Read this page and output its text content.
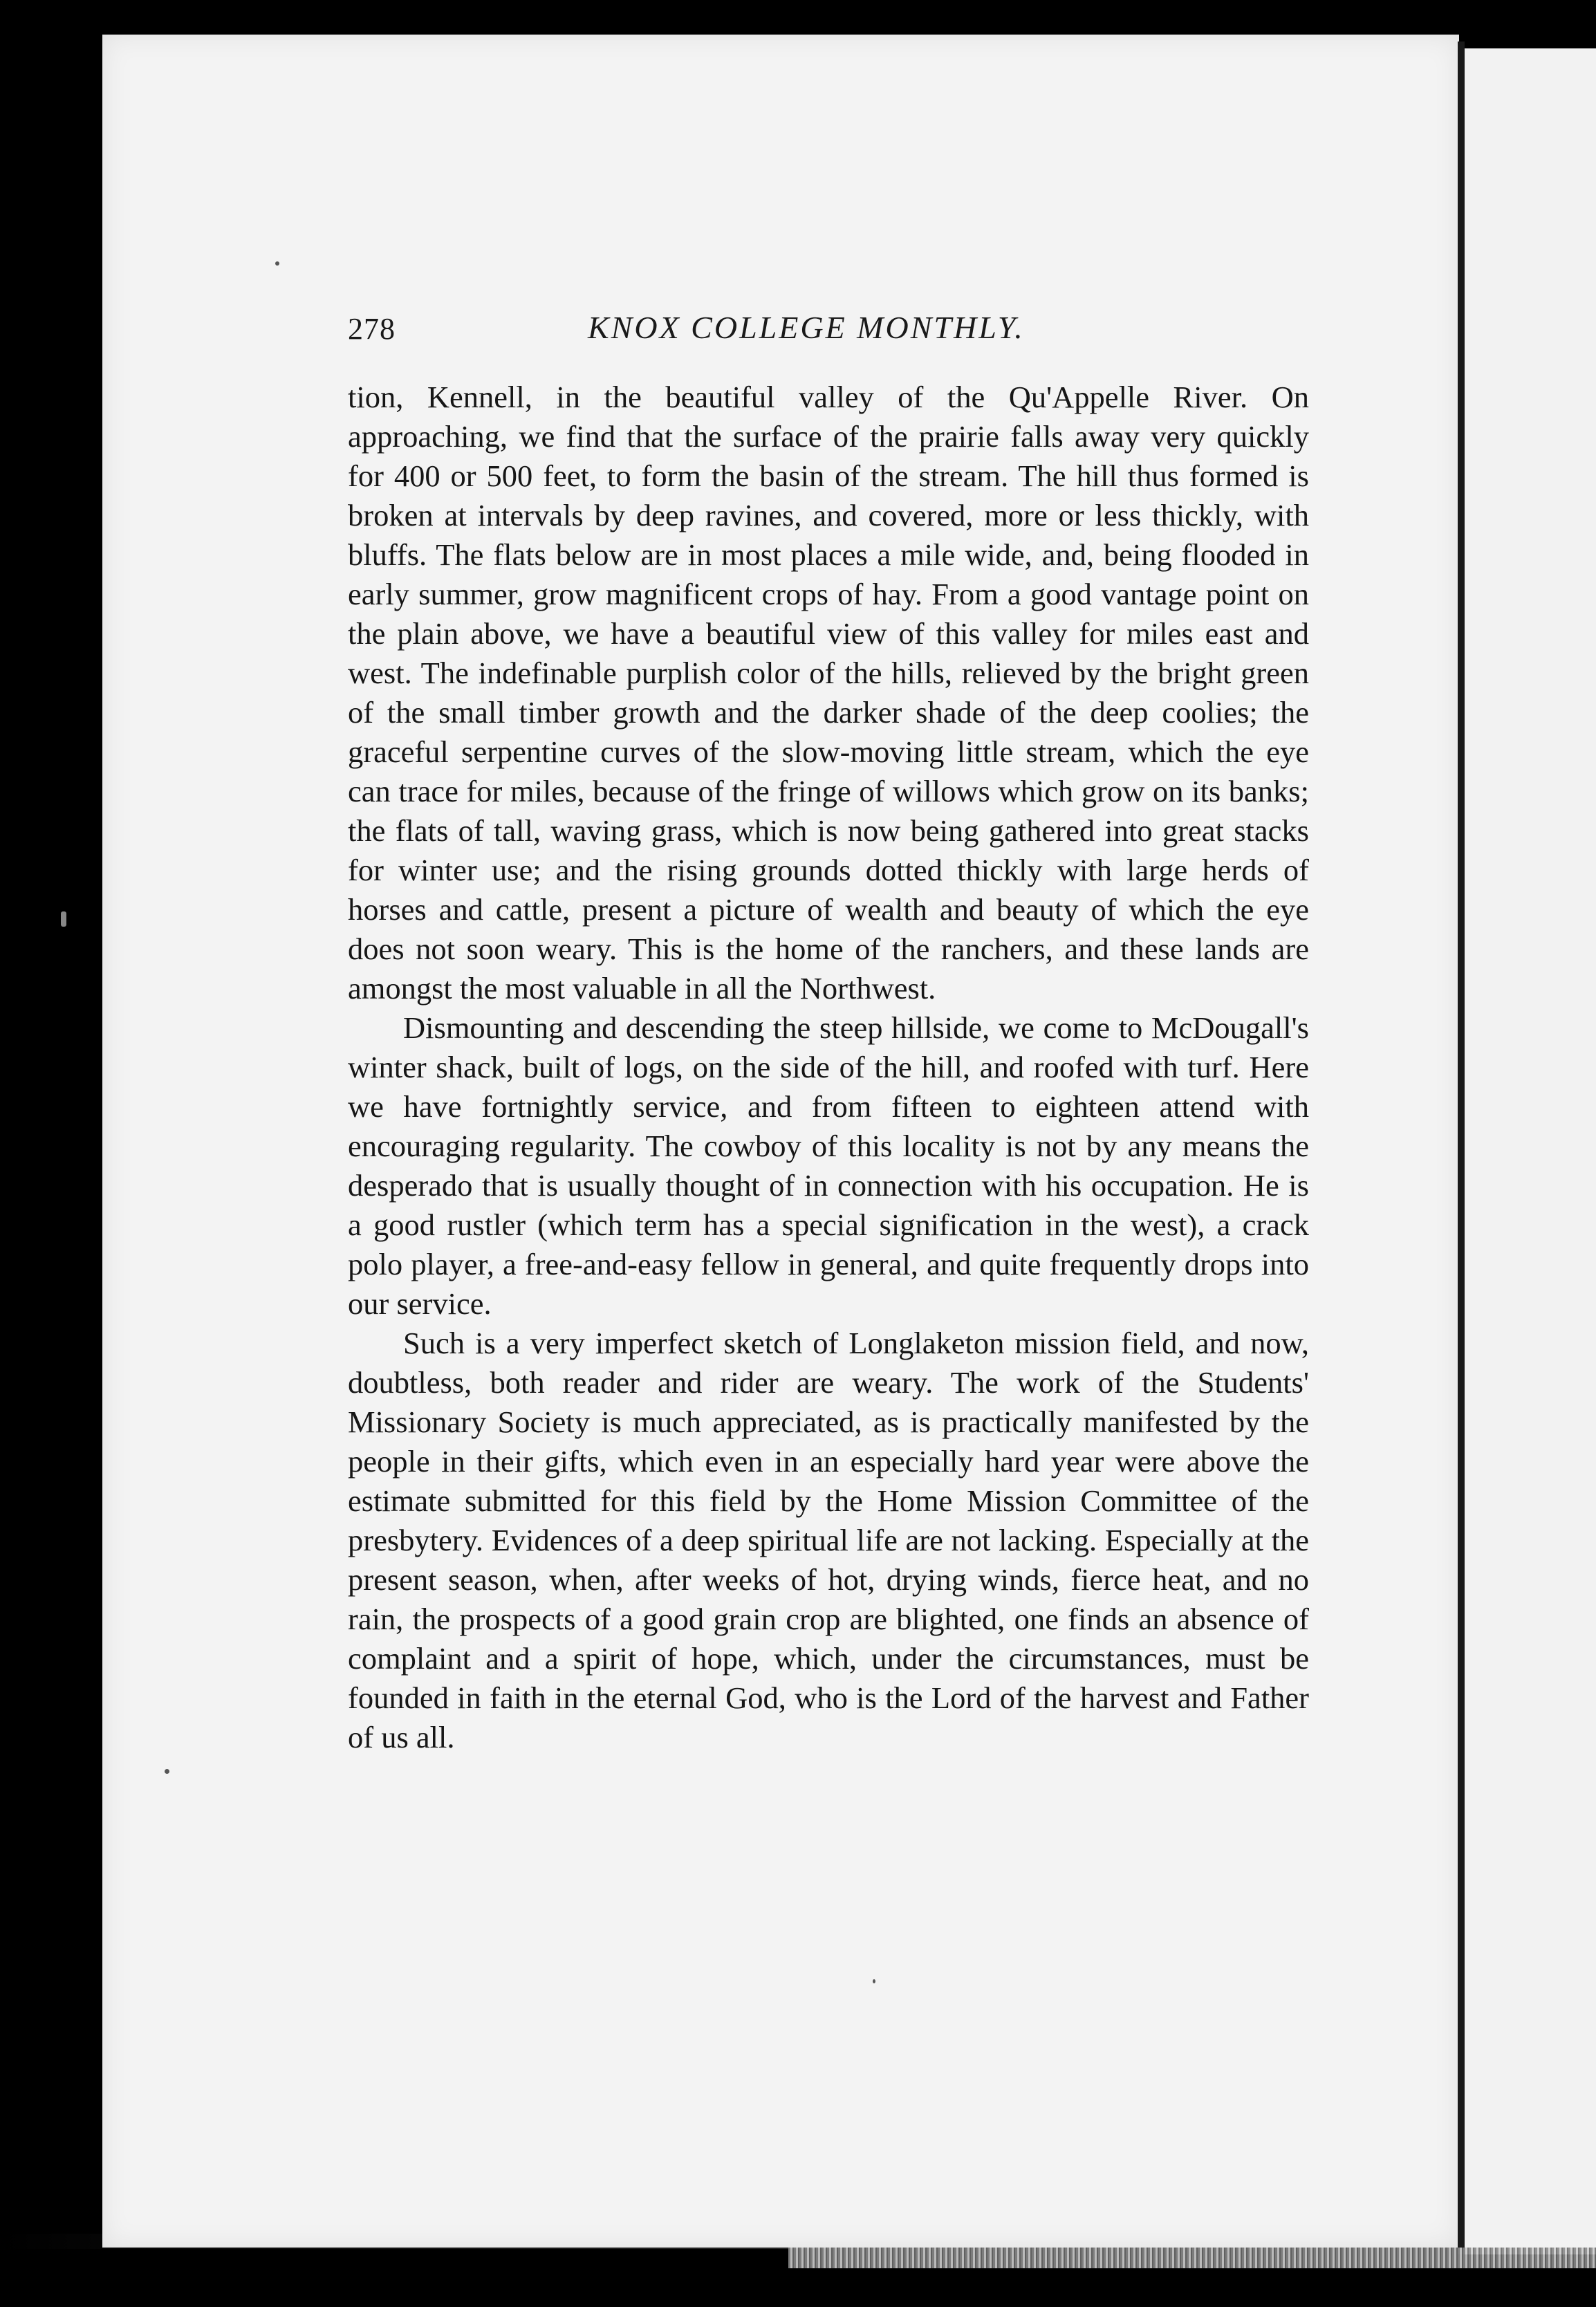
278	KNOX COLLEGE MONTHLY.

tion, Kennell, in the beautiful valley of the Qu'Appelle River. On approaching, we find that the surface of the prairie falls away very quickly for 400 or 500 feet, to form the basin of the stream. The hill thus formed is broken at intervals by deep ravines, and covered, more or less thickly, with bluffs. The flats below are in most places a mile wide, and, being flooded in early summer, grow magnificent crops of hay. From a good vantage point on the plain above, we have a beautiful view of this valley for miles east and west. The indefinable purplish color of the hills, relieved by the bright green of the small timber growth and the darker shade of the deep coolies; the graceful serpentine curves of the slow-moving little stream, which the eye can trace for miles, because of the fringe of willows which grow on its banks; the flats of tall, waving grass, which is now being gathered into great stacks for winter use; and the rising grounds dotted thickly with large herds of horses and cattle, present a picture of wealth and beauty of which the eye does not soon weary. This is the home of the ranchers, and these lands are amongst the most valuable in all the Northwest.

Dismounting and descending the steep hillside, we come to McDougall's winter shack, built of logs, on the side of the hill, and roofed with turf. Here we have fortnightly service, and from fifteen to eighteen attend with encouraging regularity. The cowboy of this locality is not by any means the desperado that is usually thought of in connection with his occupation. He is a good rustler (which term has a special signification in the west), a crack polo player, a free-and-easy fellow in general, and quite frequently drops into our service.

Such is a very imperfect sketch of Longlaketon mission field, and now, doubtless, both reader and rider are weary. The work of the Students' Missionary Society is much appreciated, as is practically manifested by the people in their gifts, which even in an especially hard year were above the estimate submitted for this field by the Home Mission Committee of the presbytery. Evidences of a deep spiritual life are not lacking. Especially at the present season, when, after weeks of hot, drying winds, fierce heat, and no rain, the prospects of a good grain crop are blighted, one finds an absence of complaint and a spirit of hope, which, under the circumstances, must be founded in faith in the eternal God, who is the Lord of the harvest and Father of us all.
